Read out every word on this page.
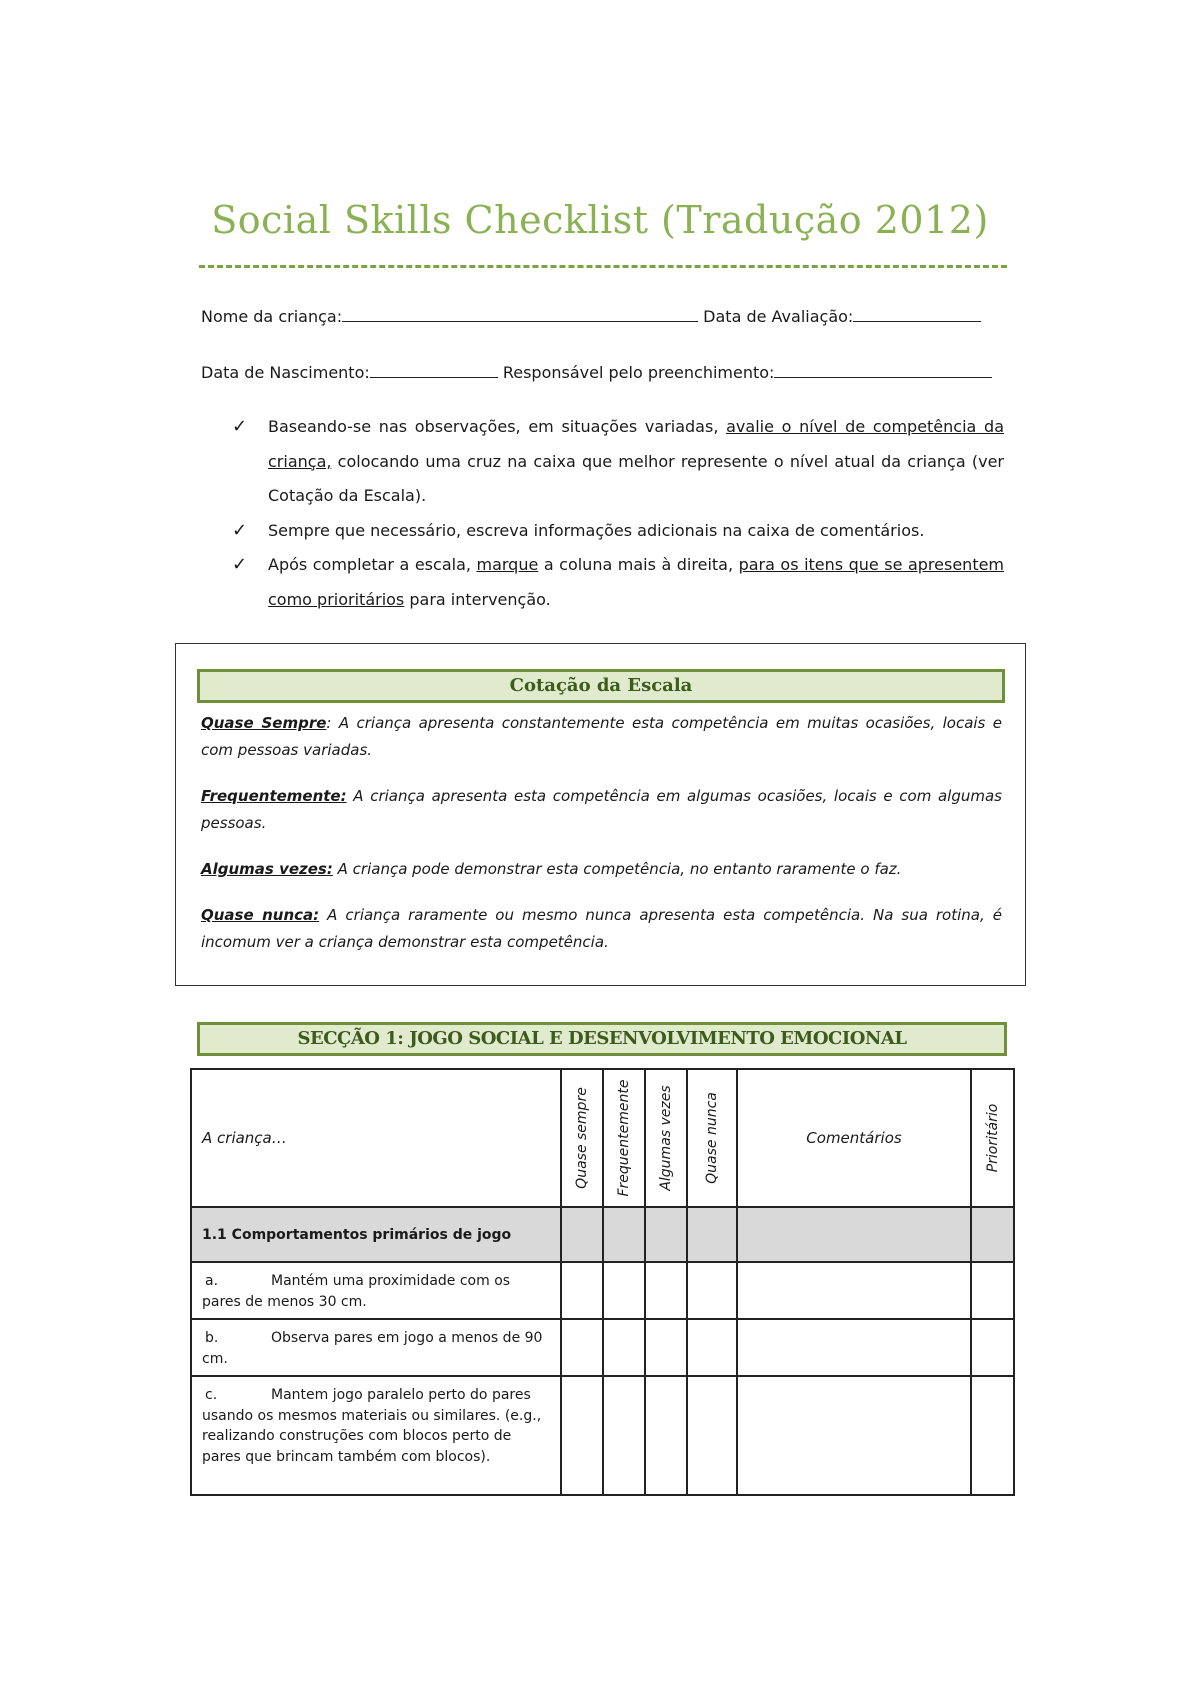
Social Skills Checklist (Tradução 2012)
Nome da criança:	Data de Avaliação:
Data de Nascimento:	Responsável pelo preenchimento:
✓ Baseando-se nas observações, em situações variadas, avalie o nível de competência da criança, colocando uma cruz na caixa que melhor represente o nível atual da criança (ver Cotação da Escala).
✓ Sempre que necessário, escreva informações adicionais na caixa de comentários.
✓ Após completar a escala, marque a coluna mais à direita, para os itens que se apresentem como prioritários para intervenção.
Cotação da Escala
Quase Sempre: A criança apresenta constantemente esta competência em muitas ocasiões, locais e com pessoas variadas.
Frequentemente: A criança apresenta esta competência em algumas ocasiões, locais e com algumas pessoas.
Algumas vezes: A criança pode demonstrar esta competência, no entanto raramente o faz.
Quase nunca: A criança raramente ou mesmo nunca apresenta esta competência. Na sua rotina, é incomum ver a criança demonstrar esta competência.
SECÇÃO 1: JOGO SOCIAL E DESENVOLVIMENTO EMOCIONAL
A criança…	Quase sempre	Frequentemente	Algumas vezes	Quase nunca	Comentários	Prioritário

1.1 Comportamentos primários de jogo						
a. Mantém uma proximidade com os pares de menos 30 cm.						
b. Observa pares em jogo a menos de 90 cm.						
c. Mantem jogo paralelo perto do pares usando os mesmos materiais ou similares. (e.g., realizando construções com blocos perto de pares que brincam também com blocos).						
